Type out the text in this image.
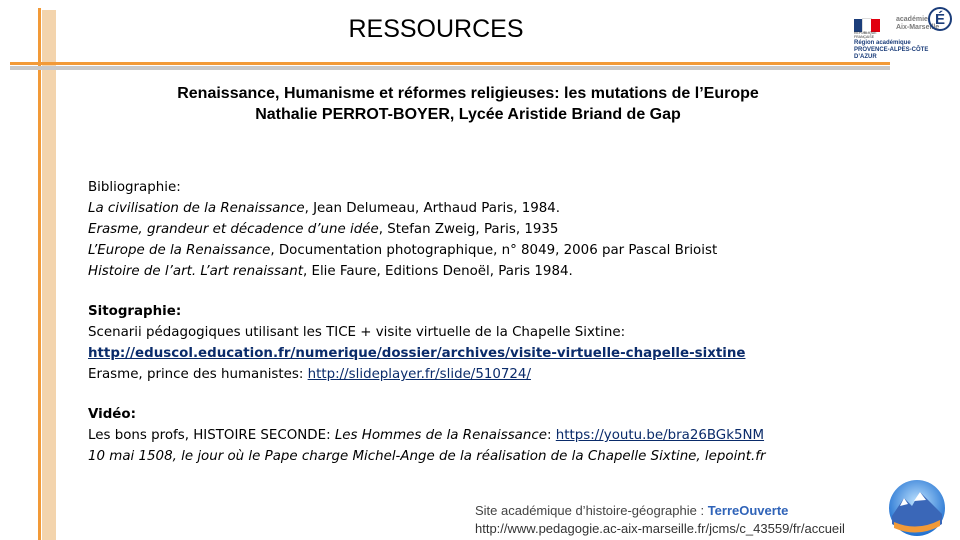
RESSOURCES	RÉPUBLIQUE
FRANÇAISE
académie
Aix-Marseille
É
Région académique
PROVENCE-ALPES-CÔTE D’AZUR
Renaissance, Humanisme et réformes religieuses: les mutations de l’Europe
Nathalie PERROT-BOYER, Lycée Aristide Briand de Gap
Bibliographie:
La civilisation de la Renaissance, Jean Delumeau, Arthaud Paris, 1984.
Erasme, grandeur et décadence d’une idée, Stefan Zweig, Paris, 1935
L’Europe de la Renaissance, Documentation photographique, n° 8049, 2006 par Pascal Brioist
Histoire de l’art. L’art renaissant, Elie Faure, Editions Denoël, Paris 1984.
Sitographie:
Scenarii pédagogiques utilisant les TICE + visite virtuelle de la Chapelle Sixtine:
http://eduscol.education.fr/numerique/dossier/archives/visite-virtuelle-chapelle-sixtine
Erasme, prince des humanistes: http://slideplayer.fr/slide/510724/
Vidéo:
Les bons profs, HISTOIRE SECONDE: Les Hommes de la Renaissance: https://youtu.be/bra26BGk5NM
10 mai 1508, le jour où le Pape charge Michel-Ange de la réalisation de la Chapelle Sixtine, lepoint.fr
Site académique d’histoire-géographie : TerreOuverte
http://www.pedagogie.ac-aix-marseille.fr/jcms/c_43559/fr/accueil
